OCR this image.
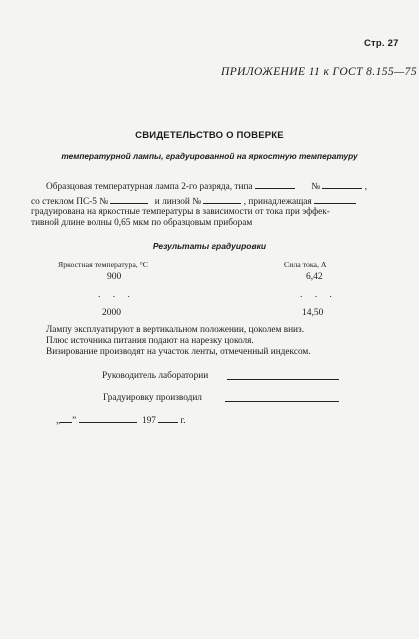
Стр. 27
ПРИЛОЖЕНИЕ 11 к ГОСТ 8.155—75
СВИДЕТЕЛЬСТВО О ПОВЕРКЕ
температурной лампы, градуированной на яркостную температуру
Образцовая температурная лампа 2-го разряда, типа	№	,
со стеклом ПС-5 №	и линзой №	, принадлежащая
градуирована на яркостные температуры в зависимости от тока при эффек-
тивной длине волны 0,65 мкм по образцовым приборам
Результаты градуировки
Яркостная температура, °С	Сила тока, А
900	6,42
. . .	. . .
2000	14,50
Лампу эксплуатируют в вертикальном положении, цоколем вниз.
Плюс источника питания подают на нарезку цоколя.
Визирование производят на участок ленты, отмеченный индексом.
Руководитель лаборатории
Градуировку производил
„ ”	197	г.
